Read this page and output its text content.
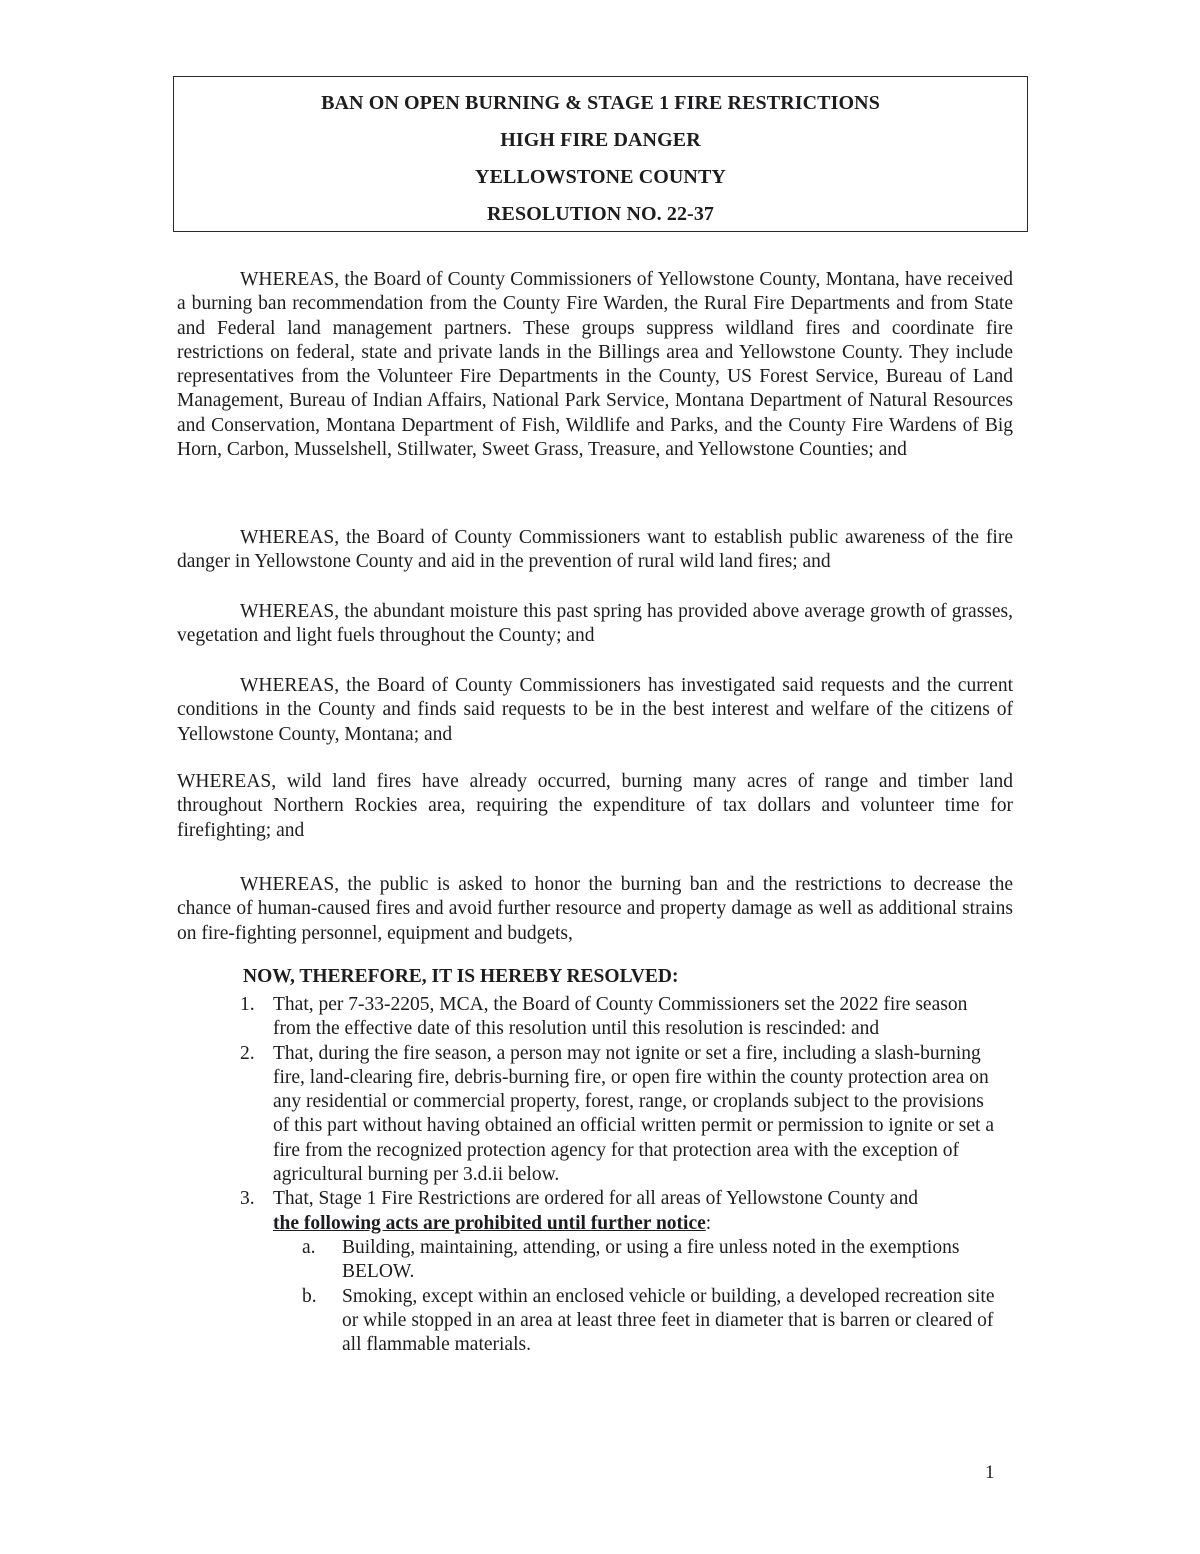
BAN ON OPEN BURNING & STAGE 1 FIRE RESTRICTIONS
HIGH FIRE DANGER
YELLOWSTONE COUNTY
RESOLUTION NO. 22-37

WHEREAS, the Board of County Commissioners of Yellowstone County, Montana, have received a burning ban recommendation from the County Fire Warden, the Rural Fire Departments and from State and Federal land management partners. These groups suppress wildland fires and coordinate fire restrictions on federal, state and private lands in the Billings area and Yellowstone County. They include representatives from the Volunteer Fire Departments in the County, US Forest Service, Bureau of Land Management, Bureau of Indian Affairs, National Park Service, Montana Department of Natural Resources and Conservation, Montana Department of Fish, Wildlife and Parks, and the County Fire Wardens of Big Horn, Carbon, Musselshell, Stillwater, Sweet Grass, Treasure, and Yellowstone Counties; and

WHEREAS, the Board of County Commissioners want to establish public awareness of the fire danger in Yellowstone County and aid in the prevention of rural wild land fires; and

WHEREAS, the abundant moisture this past spring has provided above average growth of grasses, vegetation and light fuels throughout the County; and

WHEREAS, the Board of County Commissioners has investigated said requests and the current conditions in the County and finds said requests to be in the best interest and welfare of the citizens of Yellowstone County, Montana; and

WHEREAS, wild land fires have already occurred, burning many acres of range and timber land throughout Northern Rockies area, requiring the expenditure of tax dollars and volunteer time for firefighting; and

WHEREAS, the public is asked to honor the burning ban and the restrictions to decrease the chance of human-caused fires and avoid further resource and property damage as well as additional strains on fire-fighting personnel, equipment and budgets,

NOW, THEREFORE, IT IS HEREBY RESOLVED:
1. That, per 7-33-2205, MCA, the Board of County Commissioners set the 2022 fire season from the effective date of this resolution until this resolution is rescinded: and
2. That, during the fire season, a person may not ignite or set a fire, including a slash-burning fire, land-clearing fire, debris-burning fire, or open fire within the county protection area on any residential or commercial property, forest, range, or croplands subject to the provisions of this part without having obtained an official written permit or permission to ignite or set a fire from the recognized protection agency for that protection area with the exception of agricultural burning per 3.d.ii below.
3. That, Stage 1 Fire Restrictions are ordered for all areas of Yellowstone County and
the following acts are prohibited until further notice:
a.	Building, maintaining, attending, or using a fire unless noted in the exemptions BELOW.
b.	Smoking, except within an enclosed vehicle or building, a developed recreation site or while stopped in an area at least three feet in diameter that is barren or cleared of all flammable materials.
1
